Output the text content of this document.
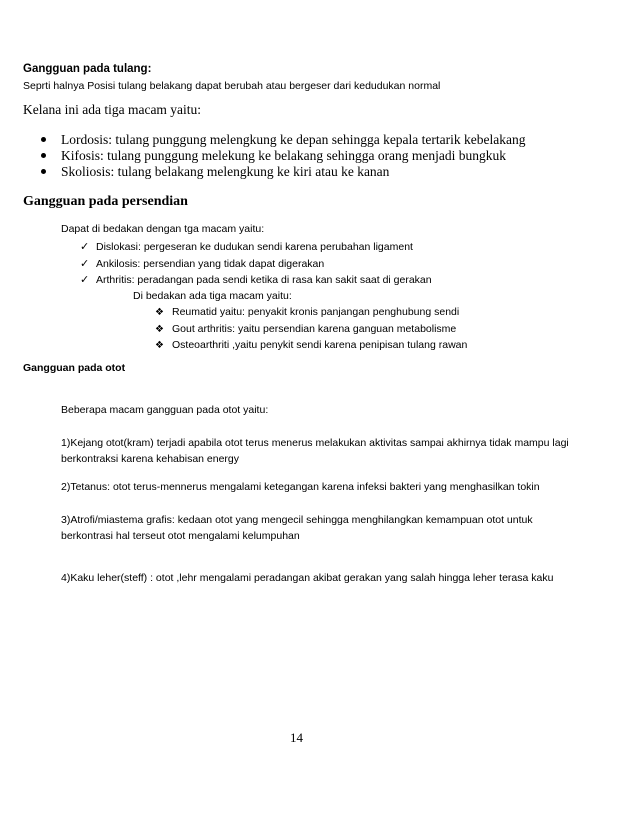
Gangguan pada tulang:
Seprti halnya Posisi tulang belakang dapat berubah atau bergeser dari kedudukan normal
Kelana ini ada tiga macam yaitu:
Lordosis: tulang punggung melengkung ke depan sehingga kepala tertarik kebelakang
Kifosis: tulang punggung melekung ke belakang sehingga orang menjadi bungkuk
Skoliosis: tulang belakang melengkung ke kiri atau ke kanan
Gangguan pada persendian
Dapat di bedakan dengan tga macam yaitu:
✓ Dislokasi: pergeseran ke dudukan sendi karena perubahan ligament
✓ Ankilosis: persendian yang tidak dapat digerakan
✓ Arthritis: peradangan pada sendi ketika di rasa kan sakit saat di gerakan
Di bedakan ada tiga macam yaitu:
❖ Reumatid yaitu: penyakit kronis panjangan penghubung sendi
❖ Gout arthritis: yaitu persendian karena ganguan metabolisme
❖ Osteoarthriti ,yaitu penykit sendi karena penipisan tulang rawan
Gangguan pada otot
Beberapa macam gangguan pada otot yaitu:
1)Kejang otot(kram) terjadi apabila otot terus menerus melakukan aktivitas sampai akhirnya tidak mampu lagi berkontraksi karena kehabisan energy
2)Tetanus: otot terus-mennerus mengalami ketegangan karena infeksi bakteri yang menghasilkan tokin
3)Atrofi/miastema grafis: kedaan otot yang mengecil sehingga menghilangkan kemampuan otot untuk berkontrasi hal terseut otot mengalami kelumpuhan
4)Kaku leher(steff) : otot ,lehr mengalami peradangan akibat gerakan yang salah hingga leher terasa kaku
14
